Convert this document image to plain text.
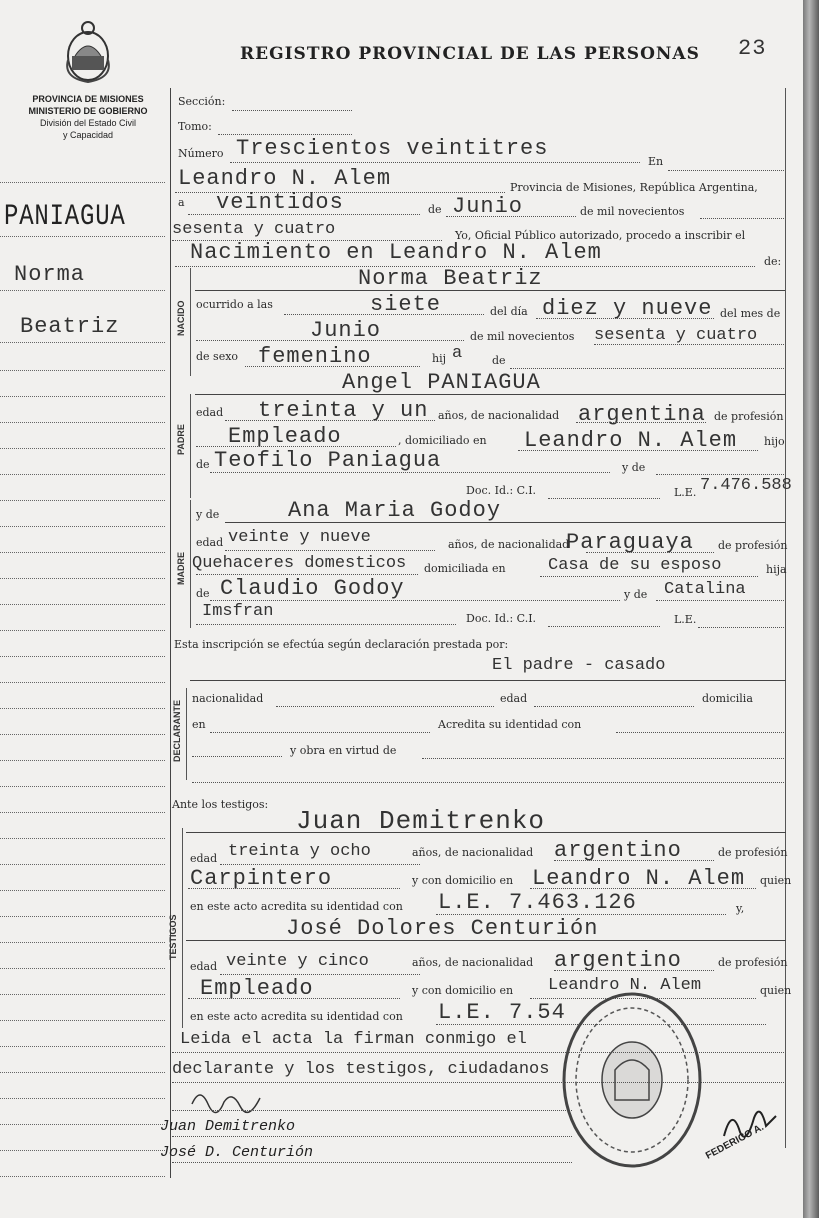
PROVINCIA DE MISIONES
MINISTERIO DE GOBIERNO
División del Estado Civil
y Capacidad
REGISTRO PROVINCIAL DE LAS PERSONAS 23
PANIAGUA
Norma
Beatriz
Sección:
Tomo:
Número Trescientos veintitres
En
Leandro N. Alem	Provincia de Misiones, República Argentina,
a veintidos	de Junio	de mil novecientos
sesenta y cuatro	Yo, Oficial Público autorizado, procedo a inscribir el
Nacimiento en Leandro N. Alem	de:
NACIDO
Norma Beatriz
ocurrido a las	siete	del día diez y nueve del mes de
Junio	de mil novecientos sesenta y cuatro
de sexo femenino	hij a	de
PADRE
Angel PANIAGUA
edad treinta y un años, de nacionalidad argentina de profesión
Empleado	, domiciliado en Leandro N. Alem hijo
de Teofilo Paniagua	y de
Doc. Id.: C.I.	L.E. 7.476.588
MADRE
y de	Ana Maria Godoy
edad veinte y nueve	años, de nacionalidad
Paraguaya de profesión
Quehaceres domesticos domiciliada en Casa de su esposo	hija
de Claudio Godoy	y de Catalina
Imsfran	Doc. Id.: C.I.	L.E.
Esta inscripción se efectúa según declaración prestada por:
DECLARANTE
El padre - casado
nacionalidad	edad	domicilia
en	Acredita su identidad con
y obra en virtud de
Ante los testigos:
TESTIGOS
Juan Demitrenko
edad treinta y ocho	años, de nacionalidad argentino	de profesión
Carpintero	y con domicilio en Leandro N. Alem quien
en este acto acredita su identidad con L.E. 7.463.126	y,
José Dolores Centurión
edad veinte y cinco	años, de nacionalidad argentino	de profesión
Empleado	y con domicilio en Leandro N. Alem	quien
en este acto acredita su identidad con L.E. 7.54
Leida el acta la firman conmigo el
declarante y los testigos, ciudadanos
Juan Demitrenko
José D. Centurión	FEDERICO A.
